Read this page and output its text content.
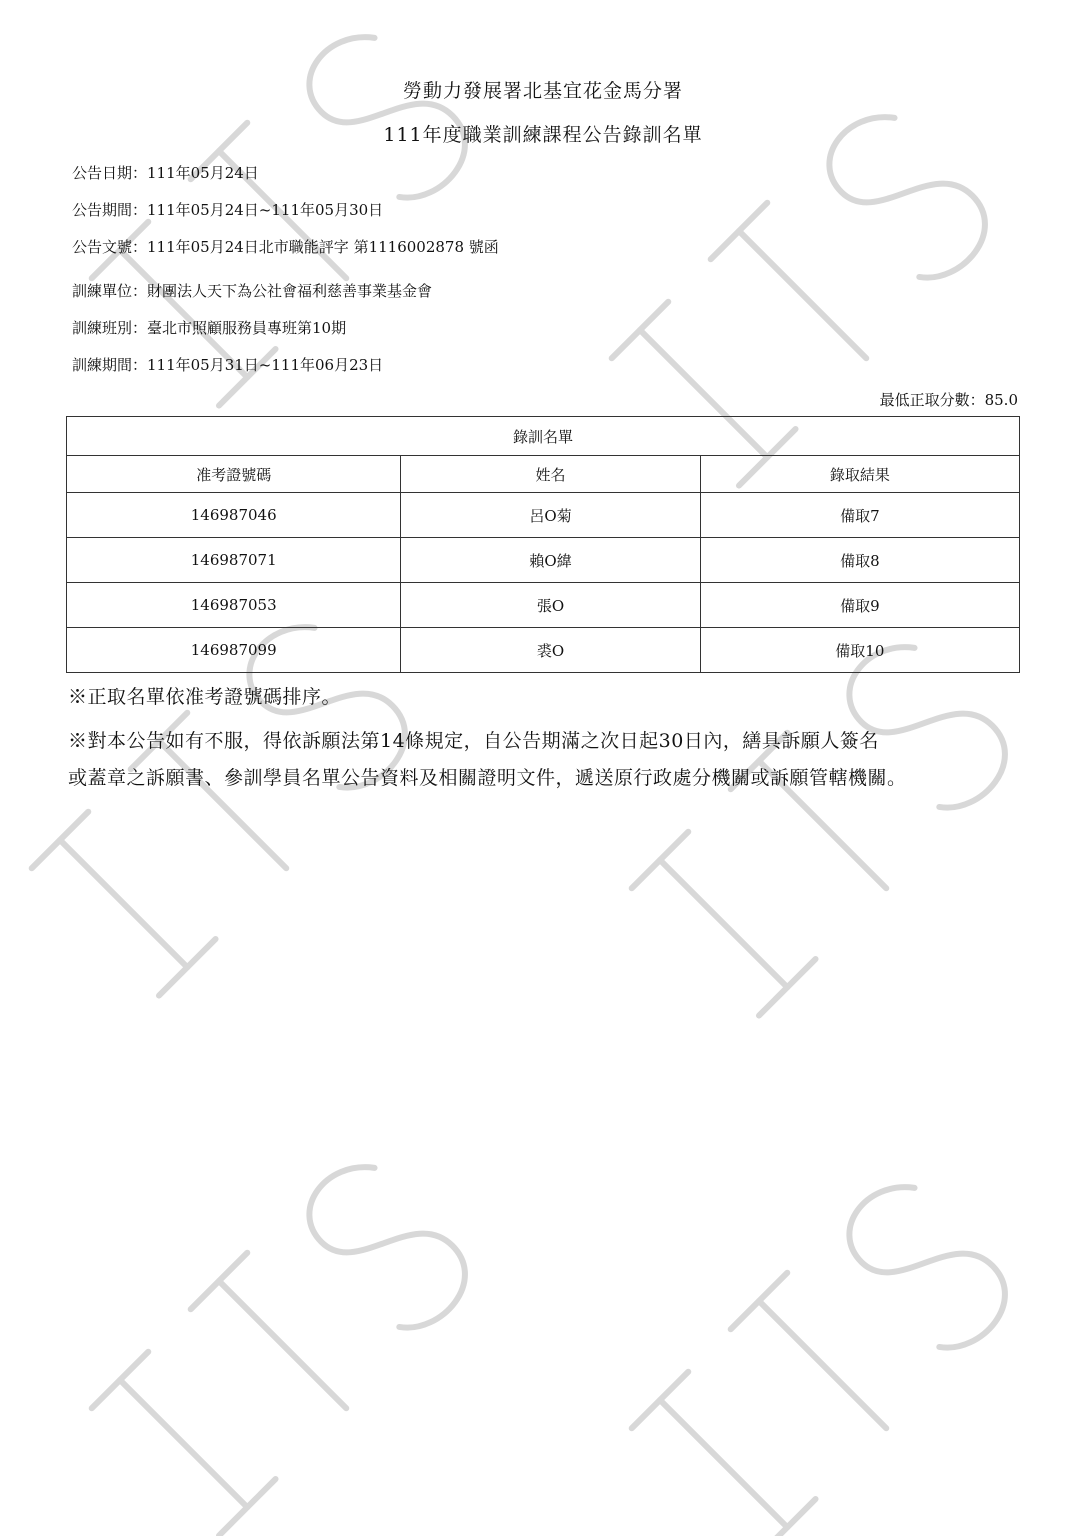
勞動力發展署北基宜花金馬分署
111年度職業訓練課程公告錄訓名單
公告日期：111年05月24日
公告期間：111年05月24日~111年05月30日
公告文號：111年05月24日北市職能評字 第1116002878 號函
訓練單位：財團法人天下為公社會福利慈善事業基金會
訓練班別：臺北市照顧服務員專班第10期
訓練期間：111年05月31日~111年06月23日
最低正取分數：85.0
錄訓名單		
准考證號碼	姓名	錄取結果
146987046	呂O菊	備取7
146987071	賴O緯	備取8
146987053	張O	備取9
146987099	裘O	備取10
※正取名單依准考證號碼排序。
※對本公告如有不服，得依訴願法第14條規定，自公告期滿之次日起30日內，繕具訴願人簽名
或蓋章之訴願書、參訓學員名單公告資料及相關證明文件，遞送原行政處分機關或訴願管轄機關。
